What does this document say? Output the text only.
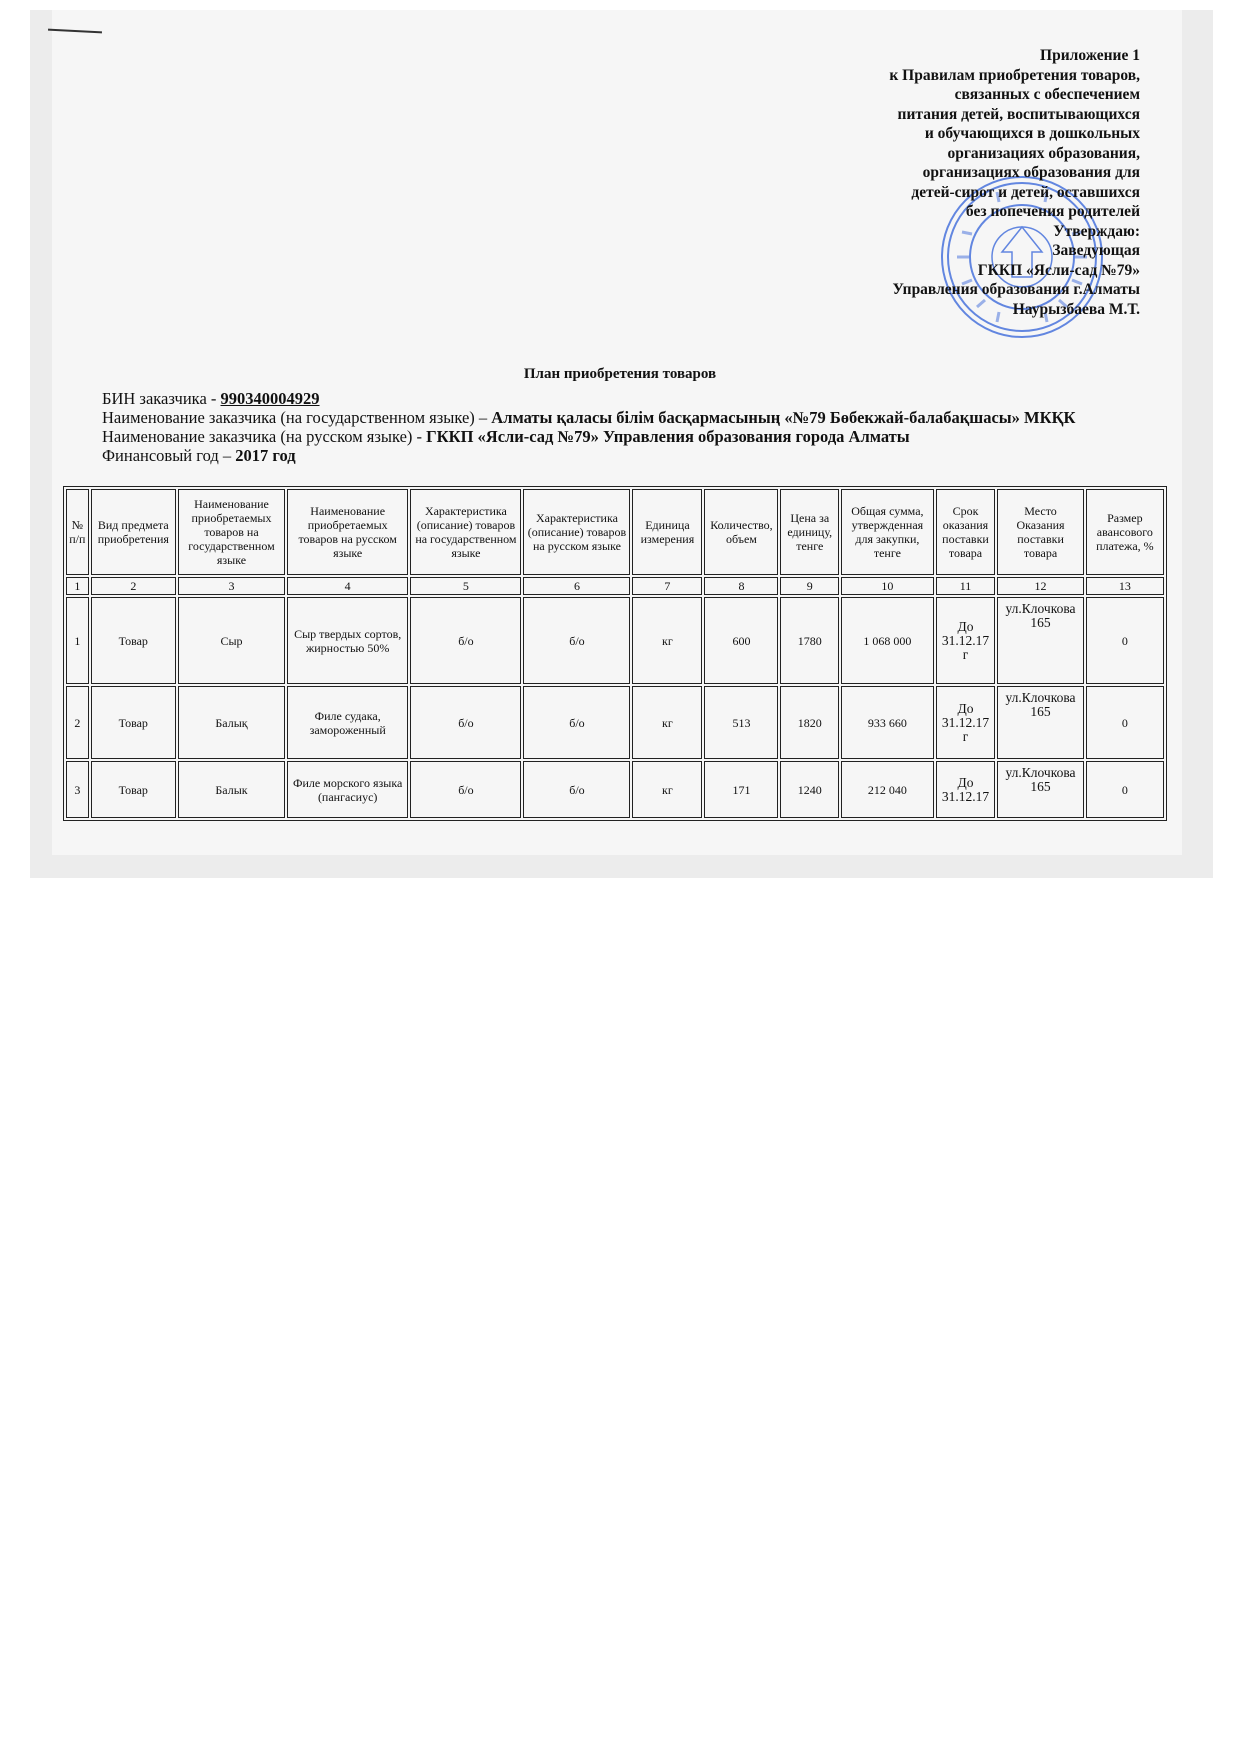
Приложение 1
к Правилам приобретения товаров,
связанных с обеспечением
питания детей, воспитывающихся
и обучающихся в дошкольных
организациях образования,
организациях образования для
детей-сирот и детей, оставшихся
без попечения родителей
Утверждаю:
Заведующая
ГККП «Ясли-сад №79»
Управления образования г.Алматы
Наурызбаева М.Т.
План приобретения товаров
БИН заказчика - 990340004929
Наименование заказчика (на государственном языке) – Алматы қаласы білім басқармасының «№79 Бөбекжай-балабақшасы» МКҚК
Наименование заказчика (на русском языке) - ГККП «Ясли-сад №79» Управления образования города Алматы
Финансовый год – 2017 год
№ п/п	Вид предмета приобретения	Наименование приобретаемых товаров на государственном языке	Наименование приобретаемых товаров на русском языке	Характеристика (описание) товаров на государственном языке	Характеристика (описание) товаров на русском языке	Единица измерения	Количество, объем	Цена за единицу, тенге	Общая сумма, утвержденная для закупки, тенге	Срок оказания поставки товара	Место Оказания поставки товара	Размер авансового платежа, %
1	2	3	4	5	6	7	8	9	10	11	12	13
1	Товар	Сыр	Сыр твердых сортов, жирностью 50%	б/о	б/о	кг	600	1780	1 068 000	До 31.12.17 г	ул.Клочкова 165	0
2	Товар	Балық	Филе судака, замороженный	б/о	б/о	кг	513	1820	933 660	До 31.12.17 г	ул.Клочкова 165	0
3	Товар	Балык	Филе морского языка (пангасиус)	б/о	б/о	кг	171	1240	212 040	До 31.12.17	ул.Клочкова 165	0
